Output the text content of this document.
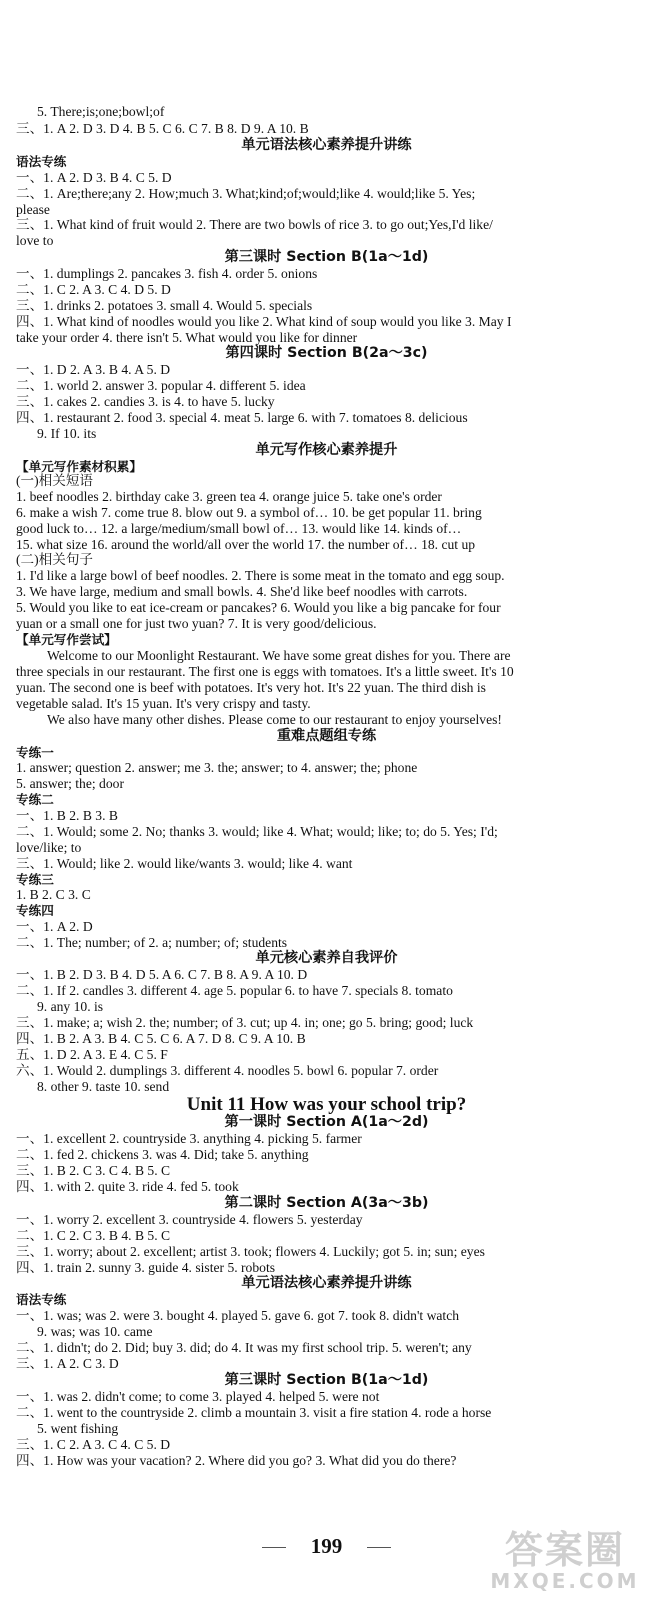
5. There;is;one;bowl;of
三、1. A 2. D 3. D 4. B 5. C 6. C 7. B 8. D 9. A 10. B
单元语法核心素养提升讲练
语法专练
一、1. A 2. D 3. B 4. C 5. D
二、1. Are;there;any 2. How;much 3. What;kind;of;would;like 4. would;like 5. Yes;
please
三、1. What kind of fruit would 2. There are two bowls of rice 3. to go out;Yes,I'd like/
love to
第三课时 Section B(1a～1d)
一、1. dumplings 2. pancakes 3. fish 4. order 5. onions
二、1. C 2. A 3. C 4. D 5. D
三、1. drinks 2. potatoes 3. small 4. Would 5. specials
四、1. What kind of noodles would you like 2. What kind of soup would you like 3. May I
take your order 4. there isn't 5. What would you like for dinner
第四课时 Section B(2a～3c)
一、1. D 2. A 3. B 4. A 5. D
二、1. world 2. answer 3. popular 4. different 5. idea
三、1. cakes 2. candies 3. is 4. to have 5. lucky
四、1. restaurant 2. food 3. special 4. meat 5. large 6. with 7. tomatoes 8. delicious
9. If 10. its
单元写作核心素养提升
【单元写作素材积累】
(一)相关短语
1. beef noodles 2. birthday cake 3. green tea 4. orange juice 5. take one's order
6. make a wish 7. come true 8. blow out 9. a symbol of… 10. be get popular 11. bring
good luck to… 12. a large/medium/small bowl of… 13. would like 14. kinds of…
15. what size 16. around the world/all over the world 17. the number of… 18. cut up
(二)相关句子
1. I'd like a large bowl of beef noodles. 2. There is some meat in the tomato and egg soup.
3. We have large, medium and small bowls. 4. She'd like beef noodles with carrots.
5. Would you like to eat ice-cream or pancakes? 6. Would you like a big pancake for four
yuan or a small one for just two yuan? 7. It is very good/delicious.
【单元写作尝试】
Welcome to our Moonlight Restaurant. We have some great dishes for you. There are
three specials in our restaurant. The first one is eggs with tomatoes. It's a little sweet. It's 10
yuan. The second one is beef with potatoes. It's very hot. It's 22 yuan. The third dish is
vegetable salad. It's 15 yuan. It's very crispy and tasty.
We also have many other dishes. Please come to our restaurant to enjoy yourselves!
重难点题组专练
专练一
1. answer; question 2. answer; me 3. the; answer; to 4. answer; the; phone
5. answer; the; door
专练二
一、1. B 2. B 3. B
二、1. Would; some 2. No; thanks 3. would; like 4. What; would; like; to; do 5. Yes; I'd;
love/like; to
三、1. Would; like 2. would like/wants 3. would; like 4. want
专练三
1. B 2. C 3. C
专练四
一、1. A 2. D
二、1. The; number; of 2. a; number; of; students
单元核心素养自我评价
一、1. B 2. D 3. B 4. D 5. A 6. C 7. B 8. A 9. A 10. D
二、1. If 2. candles 3. different 4. age 5. popular 6. to have 7. specials 8. tomato
9. any 10. is
三、1. make; a; wish 2. the; number; of 3. cut; up 4. in; one; go 5. bring; good; luck
四、1. B 2. A 3. B 4. C 5. C 6. A 7. D 8. C 9. A 10. B
五、1. D 2. A 3. E 4. C 5. F
六、1. Would 2. dumplings 3. different 4. noodles 5. bowl 6. popular 7. order
8. other 9. taste 10. send
Unit 11 How was your school trip?
第一课时 Section A(1a～2d)
一、1. excellent 2. countryside 3. anything 4. picking 5. farmer
二、1. fed 2. chickens 3. was 4. Did; take 5. anything
三、1. B 2. C 3. C 4. B 5. C
四、1. with 2. quite 3. ride 4. fed 5. took
第二课时 Section A(3a～3b)
一、1. worry 2. excellent 3. countryside 4. flowers 5. yesterday
二、1. C 2. C 3. B 4. B 5. C
三、1. worry; about 2. excellent; artist 3. took; flowers 4. Luckily; got 5. in; sun; eyes
四、1. train 2. sunny 3. guide 4. sister 5. robots
单元语法核心素养提升讲练
语法专练
一、1. was; was 2. were 3. bought 4. played 5. gave 6. got 7. took 8. didn't watch
9. was; was 10. came
二、1. didn't; do 2. Did; buy 3. did; do 4. It was my first school trip. 5. weren't; any
三、1. A 2. C 3. D
第三课时 Section B(1a～1d)
一、1. was 2. didn't come; to come 3. played 4. helped 5. were not
二、1. went to the countryside 2. climb a mountain 3. visit a fire station 4. rode a horse
5. went fishing
三、1. C 2. A 3. C 4. C 5. D
四、1. How was your vacation? 2. Where did you go? 3. What did you do there?
199	答案圈
MXQE.COM
